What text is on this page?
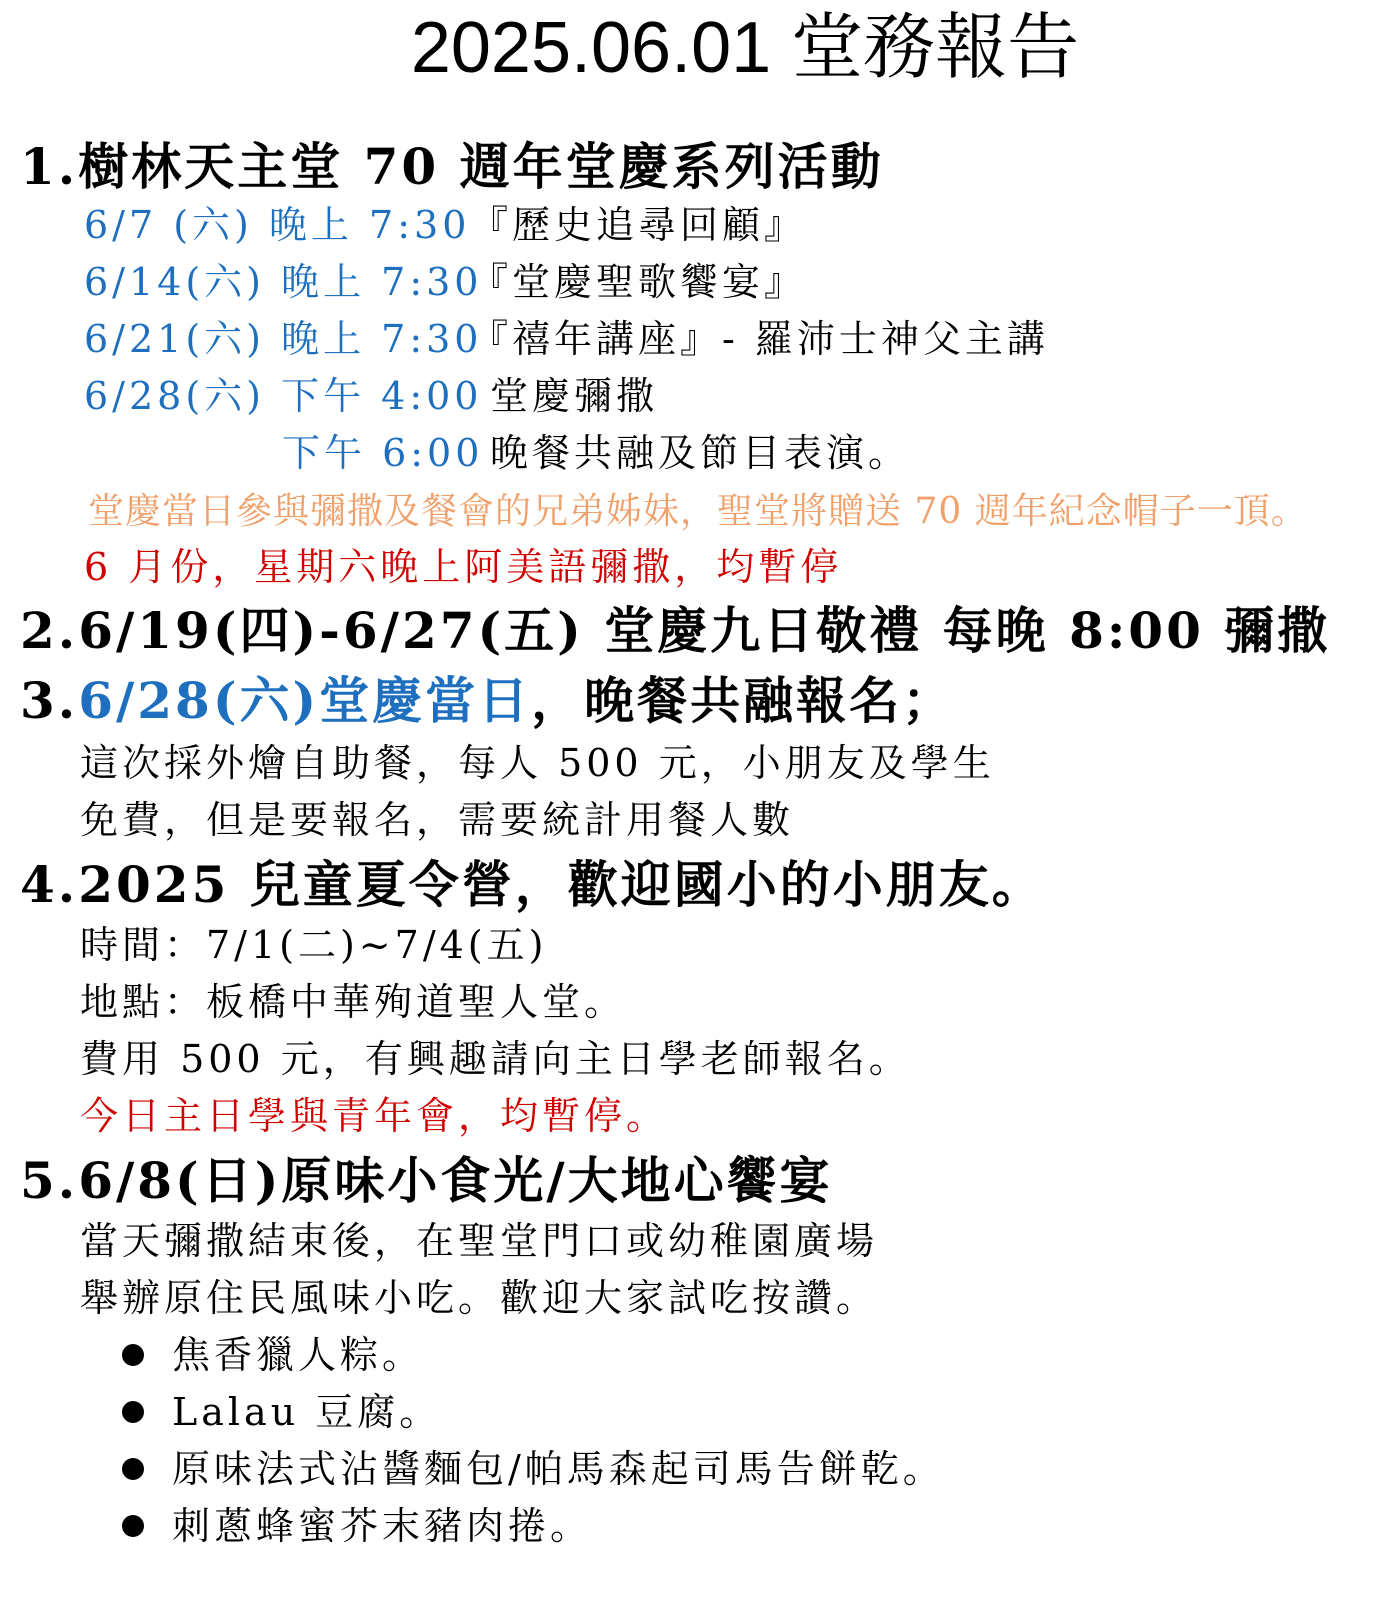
2025.06.01 堂務報告
1.樹林天主堂 70 週年堂慶系列活動
6/7 (六) 晚上 7:30 『歷史追尋回顧』
6/14(六) 晚上 7:30
『堂慶聖歌饗宴』
6/21(六) 晚上 7:30
『禧年講座』- 羅沛士神父主講
6/28(六) 下午 4:00 堂慶彌撒
下午 6:00 晚餐共融及節目表演。
堂慶當日參與彌撒及餐會的兄弟姊妹，聖堂將贈送 70 週年紀念帽子一頂。
6 月份，星期六晚上阿美語彌撒，均暫停
2.6/19(四)-6/27(五) 堂慶九日敬禮 每晚 8:00 彌撒
3.6/28(六)堂慶當日，晚餐共融報名；
這次採外燴自助餐，每人 500 元，小朋友及學生
免費，但是要報名，需要統計用餐人數
4.2025 兒童夏令營，歡迎國小的小朋友。
時間：7/1(二)~7/4(五)
地點：板橋中華殉道聖人堂。
費用 500 元，有興趣請向主日學老師報名。
今日主日學與青年會，均暫停。
5.6/8(日)原味小食光/大地心饗宴
當天彌撒結束後，在聖堂門口或幼稚園廣場
舉辦原住民風味小吃。歡迎大家試吃按讚。
焦香獵人粽。
Lalau 豆腐。
原味法式沾醬麵包/帕馬森起司馬告餅乾。
刺蔥蜂蜜芥末豬肉捲。
